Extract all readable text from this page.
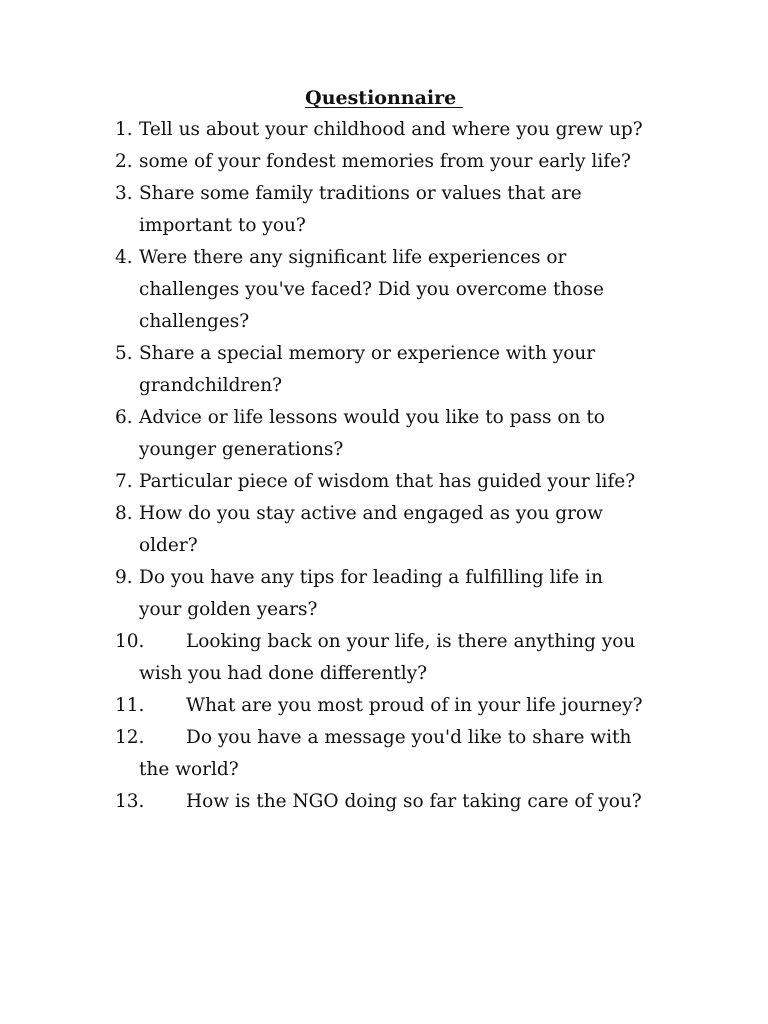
Questionnaire
1. Tell us about your childhood and where you grew up?
2. some of your fondest memories from your early life?
3. Share some family traditions or values that are
important to you?
4. Were there any significant life experiences or
challenges you've faced? Did you overcome those
challenges?
5. Share a special memory or experience with your
grandchildren?
6. Advice or life lessons would you like to pass on to
younger generations?
7. Particular piece of wisdom that has guided your life?
8. How do you stay active and engaged as you grow
older?
9. Do you have any tips for leading a fulfilling life in
your golden years?
10.	Looking back on your life, is there anything you
wish you had done differently?
11.	What are you most proud of in your life journey?
12.	Do you have a message you'd like to share with
the world?
13.	How is the NGO doing so far taking care of you?
